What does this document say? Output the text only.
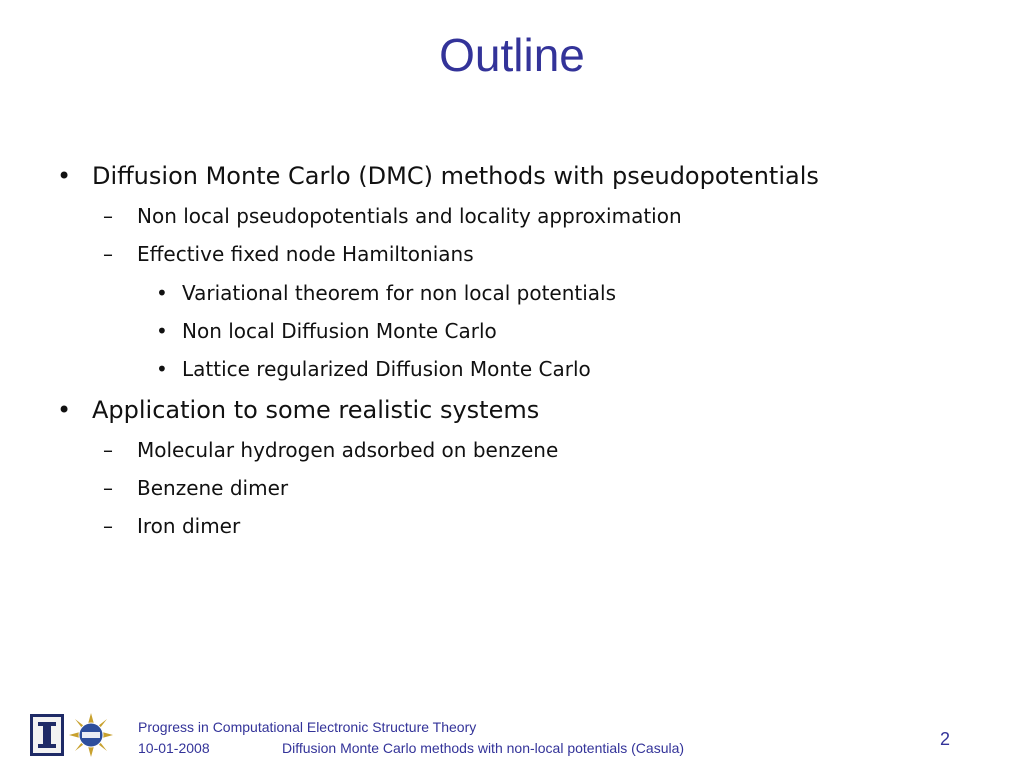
Outline
• Diffusion Monte Carlo (DMC) methods with pseudopotentials
– Non local pseudopotentials and locality approximation
– Effective fixed node Hamiltonians
• Variational theorem for non local potentials
• Non local Diffusion Monte Carlo
• Lattice regularized Diffusion Monte Carlo
• Application to some realistic systems
– Molecular hydrogen adsorbed on benzene
– Benzene dimer
– Iron dimer
Progress in Computational Electronic Structure Theory
10-01-2008	Diffusion Monte Carlo methods with non-local potentials (Casula)	2
